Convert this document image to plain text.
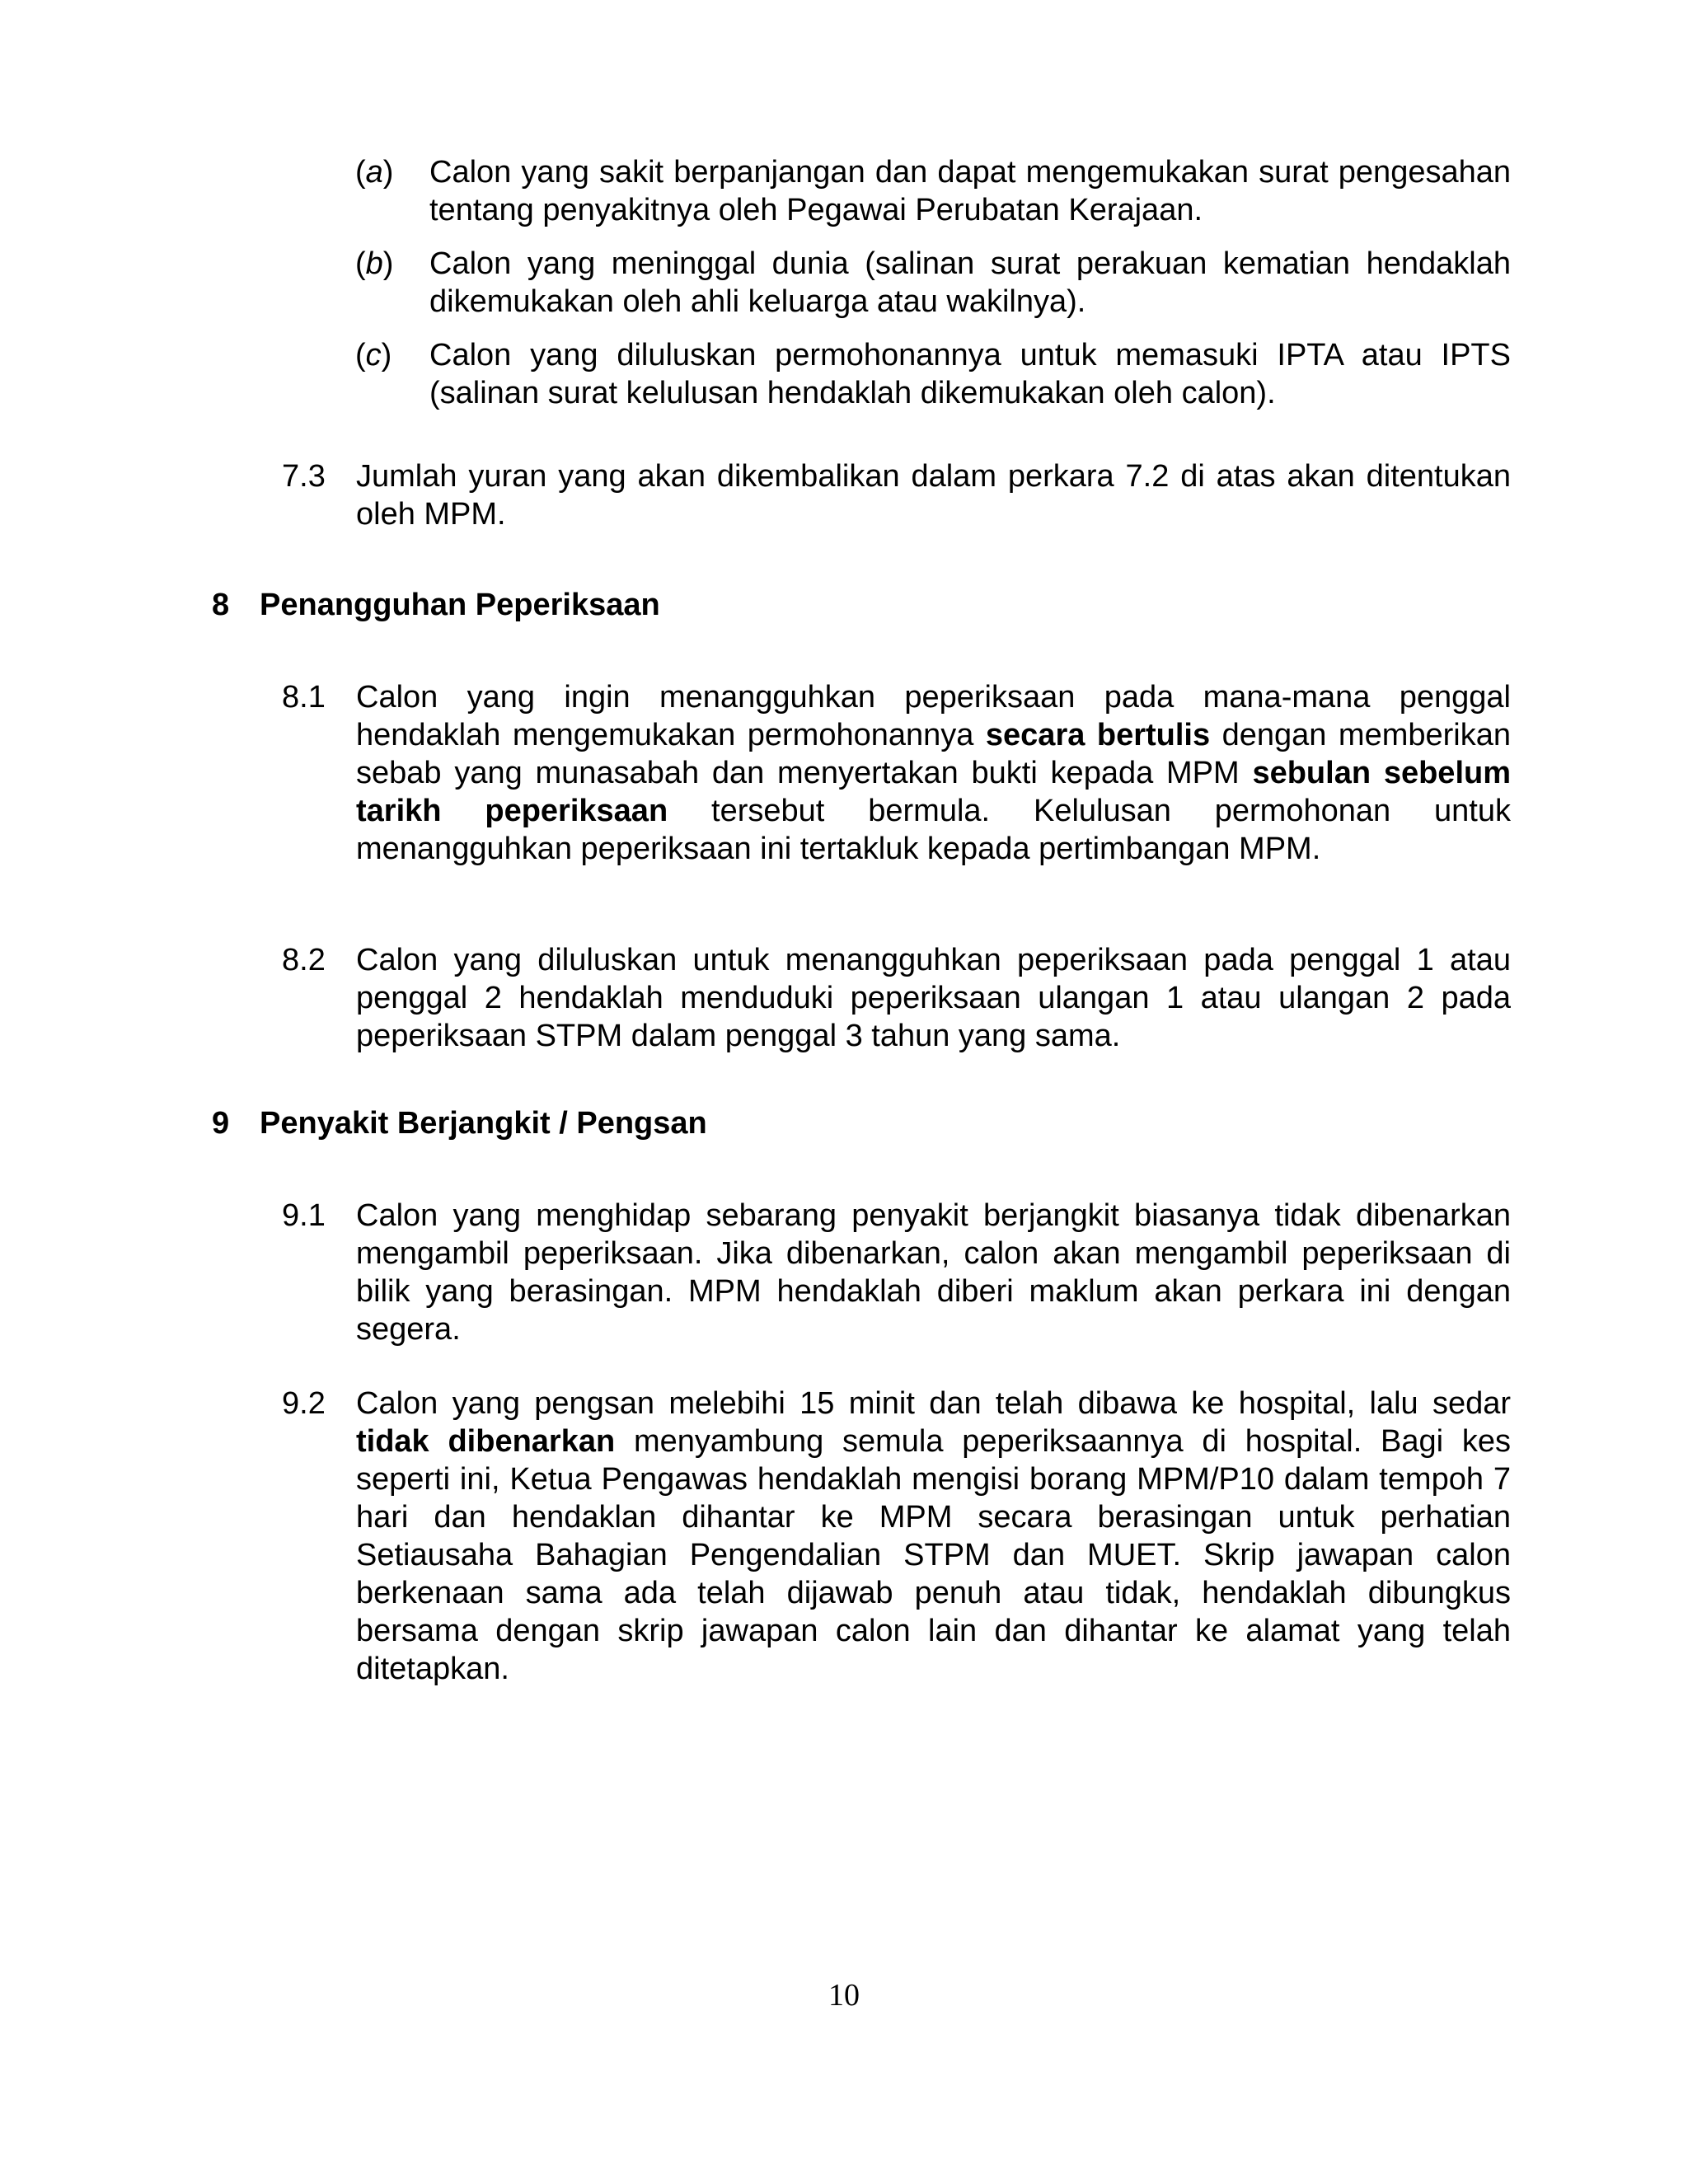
(a)	Calon yang sakit berpanjangan dan dapat mengemukakan surat pengesahan tentang penyakitnya oleh Pegawai Perubatan Kerajaan.
(b)	Calon yang meninggal dunia (salinan surat perakuan kematian hendaklah dikemukakan oleh ahli keluarga atau wakilnya).
(c)	Calon yang diluluskan permohonannya untuk memasuki IPTA atau IPTS (salinan surat kelulusan hendaklah dikemukakan oleh calon).
7.3 Jumlah yuran yang akan dikembalikan dalam perkara 7.2 di atas akan ditentukan oleh MPM.
8 Penangguhan Peperiksaan
8.1 Calon yang ingin menangguhkan peperiksaan pada mana-mana penggal hendaklah mengemukakan permohonannya secara bertulis dengan memberikan sebab yang munasabah dan menyertakan bukti kepada MPM sebulan sebelum tarikh peperiksaan tersebut bermula. Kelulusan permohonan untuk menangguhkan peperiksaan ini tertakluk kepada pertimbangan MPM.
8.2 Calon yang diluluskan untuk menangguhkan peperiksaan pada penggal 1 atau penggal 2 hendaklah menduduki peperiksaan ulangan 1 atau ulangan 2 pada peperiksaan STPM dalam penggal 3 tahun yang sama.
9 Penyakit Berjangkit / Pengsan
9.1 Calon yang menghidap sebarang penyakit berjangkit biasanya tidak dibenarkan mengambil peperiksaan. Jika dibenarkan, calon akan mengambil peperiksaan di bilik yang berasingan. MPM hendaklah diberi maklum akan perkara ini dengan segera.
9.2 Calon yang pengsan melebihi 15 minit dan telah dibawa ke hospital, lalu sedar tidak dibenarkan menyambung semula peperiksaannya di hospital. Bagi kes seperti ini, Ketua Pengawas hendaklah mengisi borang MPM/P10 dalam tempoh 7 hari dan hendaklan dihantar ke MPM secara berasingan untuk perhatian Setiausaha Bahagian Pengendalian STPM dan MUET. Skrip jawapan calon berkenaan sama ada telah dijawab penuh atau tidak, hendaklah dibungkus bersama dengan skrip jawapan calon lain dan dihantar ke alamat yang telah ditetapkan.
10
